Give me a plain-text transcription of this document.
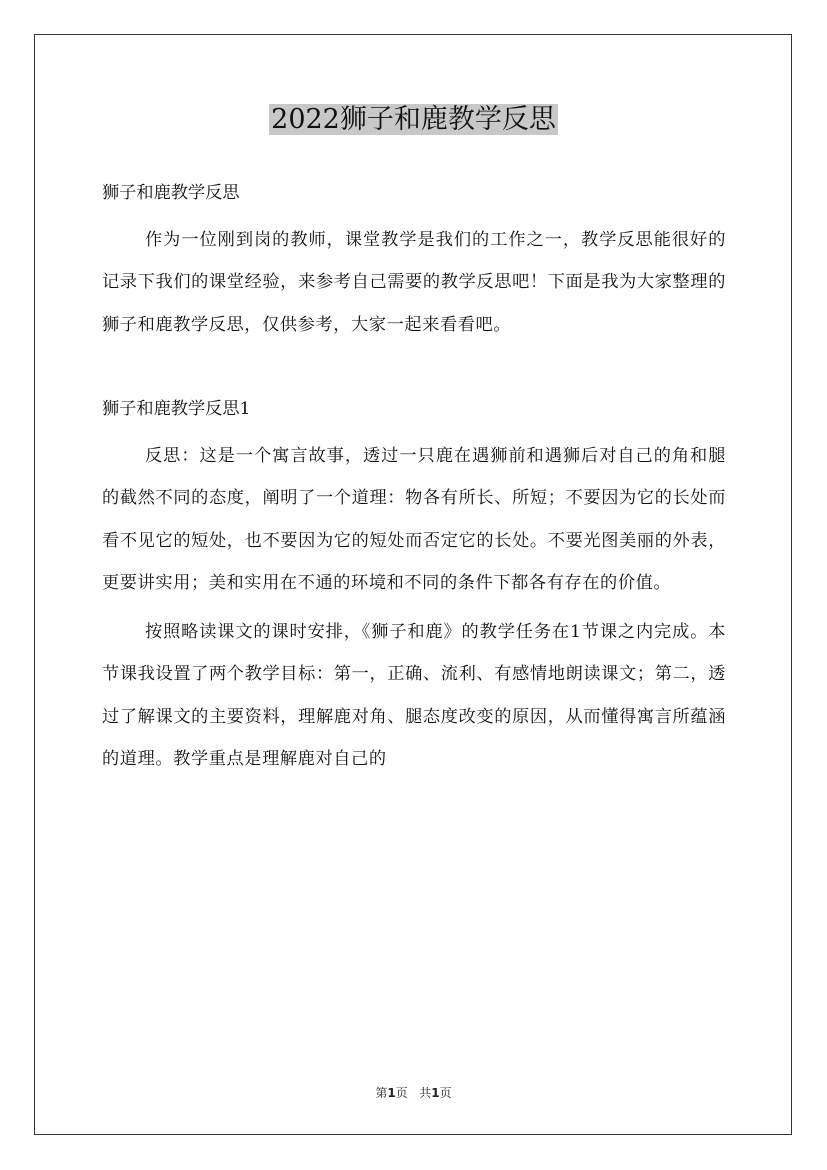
2022狮子和鹿教学反思

狮子和鹿教学反思

作为一位刚到岗的教师，课堂教学是我们的工作之一，教学反思能很好的记录下我们的课堂经验，来参考自己需要的教学反思吧！下面是我为大家整理的狮子和鹿教学反思，仅供参考，大家一起来看看吧。

狮子和鹿教学反思1

反思：这是一个寓言故事，透过一只鹿在遇狮前和遇狮后对自己的角和腿的截然不同的态度，阐明了一个道理：物各有所长、所短；不要因为它的长处而看不见它的短处，也不要因为它的短处而否定它的长处。不要光图美丽的外表，更要讲实用；美和实用在不通的环境和不同的条件下都各有存在的价值。

按照略读课文的课时安排，《狮子和鹿》的教学任务在1节课之内完成。本节课我设置了两个教学目标：第一，正确、流利、有感情地朗读课文；第二，透过了解课文的主要资料，理解鹿对角、腿态度改变的原因，从而懂得寓言所蕴涵的道理。教学重点是理解鹿对自己的

第1页 共1页
